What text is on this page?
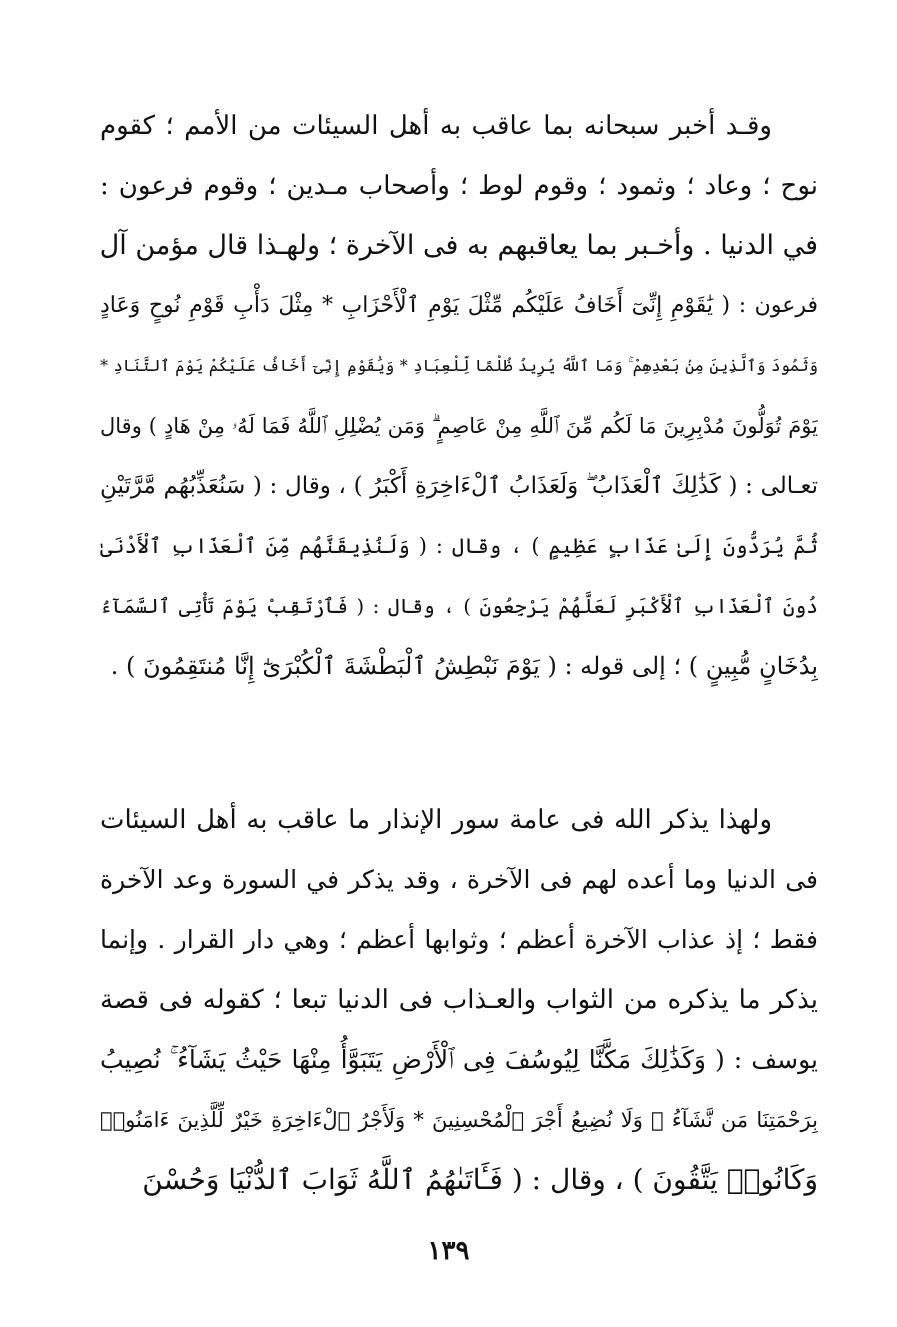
وقـد أخبر سبحانه بما عاقب به أهل السيئات من الأمم ؛ كقوم
نوح ؛ وعاد ؛ وثمود ؛ وقوم لوط ؛ وأصحاب مـدين ؛ وقوم فرعون :
في الدنيا . وأخـبر بما يعاقبهم به فى الآخرة ؛ ولهـذا قال مؤمن آل
فرعون : ( يَٰقَوْمِ إِنِّىٓ أَخَافُ عَلَيْكُم مِّثْلَ يَوْمِ ٱلْأَحْزَابِ * مِثْلَ دَأْبِ قَوْمِ نُوحٍ وَعَادٍ
وَثَمُودَ وَٱلَّذِينَ مِنۢ بَعْدِهِمْ ۚ وَمَا ٱللَّهُ يُرِيدُ ظُلْمًا لِّلْعِبَادِ * وَيَٰقَوْمِ إِنِّىٓ أَخَافُ عَلَيْكُمْ يَوْمَ ٱلتَّنَادِ *
يَوْمَ تُوَلُّونَ مُدْبِرِينَ مَا لَكُم مِّنَ ٱللَّهِ مِنْ عَاصِمٍ ۗ وَمَن يُضْلِلِ ٱللَّهُ فَمَا لَهُۥ مِنْ هَادٍ ) وقال
تعـالى : ( كَذَٰلِكَ ٱلْعَذَابُ ۖ وَلَعَذَابُ ٱلْءَاخِرَةِ أَكْبَرُ ) ، وقال : ( سَنُعَذِّبُهُم مَّرَّتَيْنِ
ثُمَّ يُرَدُّونَ إِلَىٰ عَذَابٍ عَظِيمٍ ) ، وقال : ( وَلَنُذِيقَنَّهُم مِّنَ ٱلْعَذَابِ ٱلْأَدْنَىٰ
دُونَ ٱلْعَذَابِ ٱلْأَكْبَرِ لَعَلَّهُمْ يَرْجِعُونَ ) ، وقال : ( فَٱرْتَقِبْ يَوْمَ تَأْتِى ٱلسَّمَآءُ
بِدُخَانٍ مُّبِينٍ ) ؛ إلى قوله : ( يَوْمَ نَبْطِشُ ٱلْبَطْشَةَ ٱلْكُبْرَىٰٓ إِنَّا مُنتَقِمُونَ ) .
ولهذا يذكر الله فى عامة سور الإنذار ما عاقب به أهل السيئات
فى الدنيا وما أعده لهم فى الآخرة ، وقد يذكر في السورة وعد الآخرة
فقط ؛ إذ عذاب الآخرة أعظم ؛ وثوابها أعظم ؛ وهي دار القرار . وإنما
يذكر ما يذكره من الثواب والعـذاب فى الدنيا تبعا ؛ كقوله فى قصة
يوسف : ( وَكَذَٰلِكَ مَكَّنَّا لِيُوسُفَ فِى ٱلْأَرْضِ يَتَبَوَّأُ مِنْهَا حَيْثُ يَشَآءُ ۚ نُصِيبُ
بِرَحْمَتِنَا مَن نَّشَآءُ ۖ وَلَا نُضِيعُ أَجْرَ ٱلْمُحْسِنِينَ * وَلَأَجْرُ ٱلْءَاخِرَةِ خَيْرٌ لِّلَّذِينَ ءَامَنُوا۟
وَكَانُوا۟ يَتَّقُونَ ) ، وقال : ( فَـَٔاتَىٰهُمُ ٱللَّهُ ثَوَابَ ٱلدُّنْيَا وَحُسْنَ
١٣٩
